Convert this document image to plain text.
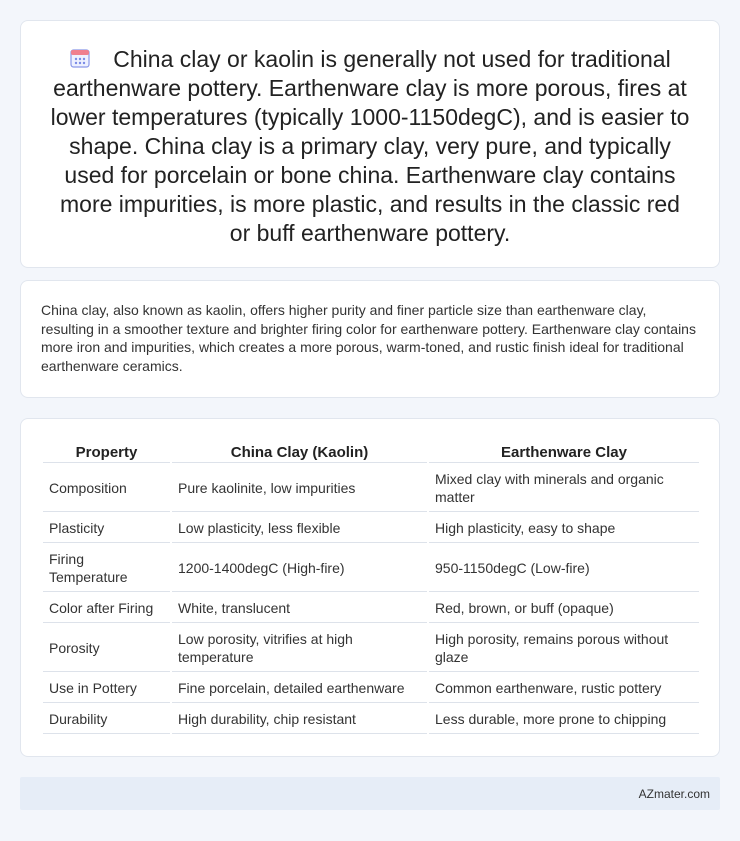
China clay or kaolin is generally not used for traditional earthenware pottery. Earthenware clay is more porous, fires at lower temperatures (typically 1000-1150degC), and is easier to shape. China clay is a primary clay, very pure, and typically used for porcelain or bone china. Earthenware clay contains more impurities, is more plastic, and results in the classic red or buff earthenware pottery.

China clay, also known as kaolin, offers higher purity and finer particle size than earthenware clay, resulting in a smoother texture and brighter firing color for earthenware pottery. Earthenware clay contains more iron and impurities, which creates a more porous, warm-toned, and rustic finish ideal for traditional earthenware ceramics.

Property	China Clay (Kaolin)	Earthenware Clay
Composition	Pure kaolinite, low impurities	Mixed clay with minerals and organic matter
Plasticity	Low plasticity, less flexible	High plasticity, easy to shape
Firing Temperature	1200-1400degC (High-fire)	950-1150degC (Low-fire)
Color after Firing	White, translucent	Red, brown, or buff (opaque)
Porosity	Low porosity, vitrifies at high temperature	High porosity, remains porous without glaze
Use in Pottery	Fine porcelain, detailed earthenware	Common earthenware, rustic pottery
Durability	High durability, chip resistant	Less durable, more prone to chipping
AZmater.com
